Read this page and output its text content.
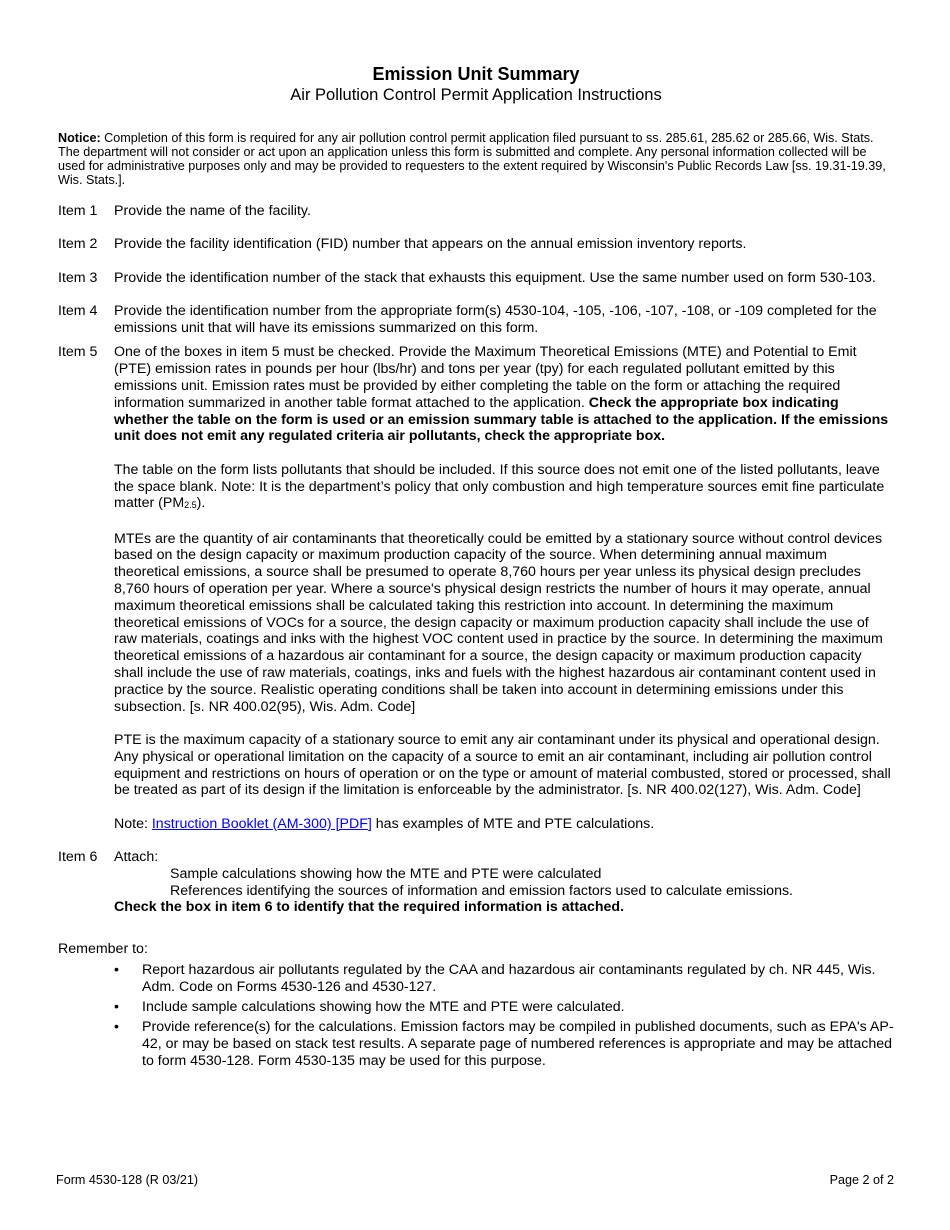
Emission Unit Summary
Air Pollution Control Permit Application Instructions
Notice: Completion of this form is required for any air pollution control permit application filed pursuant to ss. 285.61, 285.62 or 285.66, Wis. Stats. The department will not consider or act upon an application unless this form is submitted and complete. Any personal information collected will be used for administrative purposes only and may be provided to requesters to the extent required by Wisconsin's Public Records Law [ss. 19.31-19.39, Wis. Stats.].
Item 1	Provide the name of the facility.
Item 2	Provide the facility identification (FID) number that appears on the annual emission inventory reports.
Item 3	Provide the identification number of the stack that exhausts this equipment. Use the same number used on form 530-103.
Item 4	Provide the identification number from the appropriate form(s) 4530-104, -105, -106, -107, -108, or -109 completed for the emissions unit that will have its emissions summarized on this form.
Item 5	One of the boxes in item 5 must be checked. Provide the Maximum Theoretical Emissions (MTE) and Potential to Emit (PTE) emission rates in pounds per hour (lbs/hr) and tons per year (tpy) for each regulated pollutant emitted by this emissions unit. Emission rates must be provided by either completing the table on the form or attaching the required information summarized in another table format attached to the application. Check the appropriate box indicating whether the table on the form is used or an emission summary table is attached to the application. If the emissions unit does not emit any regulated criteria air pollutants, check the appropriate box.

The table on the form lists pollutants that should be included. If this source does not emit one of the listed pollutants, leave the space blank. Note: It is the department’s policy that only combustion and high temperature sources emit fine particulate matter $(PM_{2.5})$.

MTEs are the quantity of air contaminants that theoretically could be emitted by a stationary source without control devices based on the design capacity or maximum production capacity of the source. When determining annual maximum theoretical emissions, a source shall be presumed to operate 8,760 hours per year unless its physical design precludes 8,760 hours of operation per year. Where a source's physical design restricts the number of hours it may operate, annual maximum theoretical emissions shall be calculated taking this restriction into account. In determining the maximum theoretical emissions of VOCs for a source, the design capacity or maximum production capacity shall include the use of raw materials, coatings and inks with the highest VOC content used in practice by the source. In determining the maximum theoretical emissions of a hazardous air contaminant for a source, the design capacity or maximum production capacity shall include the use of raw materials, coatings, inks and fuels with the highest hazardous air contaminant content used in practice by the source. Realistic operating conditions shall be taken into account in determining emissions under this subsection. [s. NR 400.02(95), Wis. Adm. Code]

PTE is the maximum capacity of a stationary source to emit any air contaminant under its physical and operational design. Any physical or operational limitation on the capacity of a source to emit an air contaminant, including air pollution control equipment and restrictions on hours of operation or on the type or amount of material combusted, stored or processed, shall be treated as part of its design if the limitation is enforceable by the administrator. [s. NR 400.02(127), Wis. Adm. Code]

Note: Instruction Booklet (AM-300) [PDF] has examples of MTE and PTE calculations.

Item 6	Attach:
Sample calculations showing how the MTE and PTE were calculated
References identifying the sources of information and emission factors used to calculate emissions.
Check the box in item 6 to identify that the required information is attached.
Remember to:
•	Report hazardous air pollutants regulated by the CAA and hazardous air contaminants regulated by ch. NR 445, Wis. Adm. Code on Forms 4530-126 and 4530-127.
•	Include sample calculations showing how the MTE and PTE were calculated.
•	Provide reference(s) for the calculations. Emission factors may be compiled in published documents, such as EPA's AP-42, or may be based on stack test results. A separate page of numbered references is appropriate and may be attached to form 4530-128. Form 4530-135 may be used for this purpose.
Form 4530-128 (R 03/21)	Page 2 of 2
